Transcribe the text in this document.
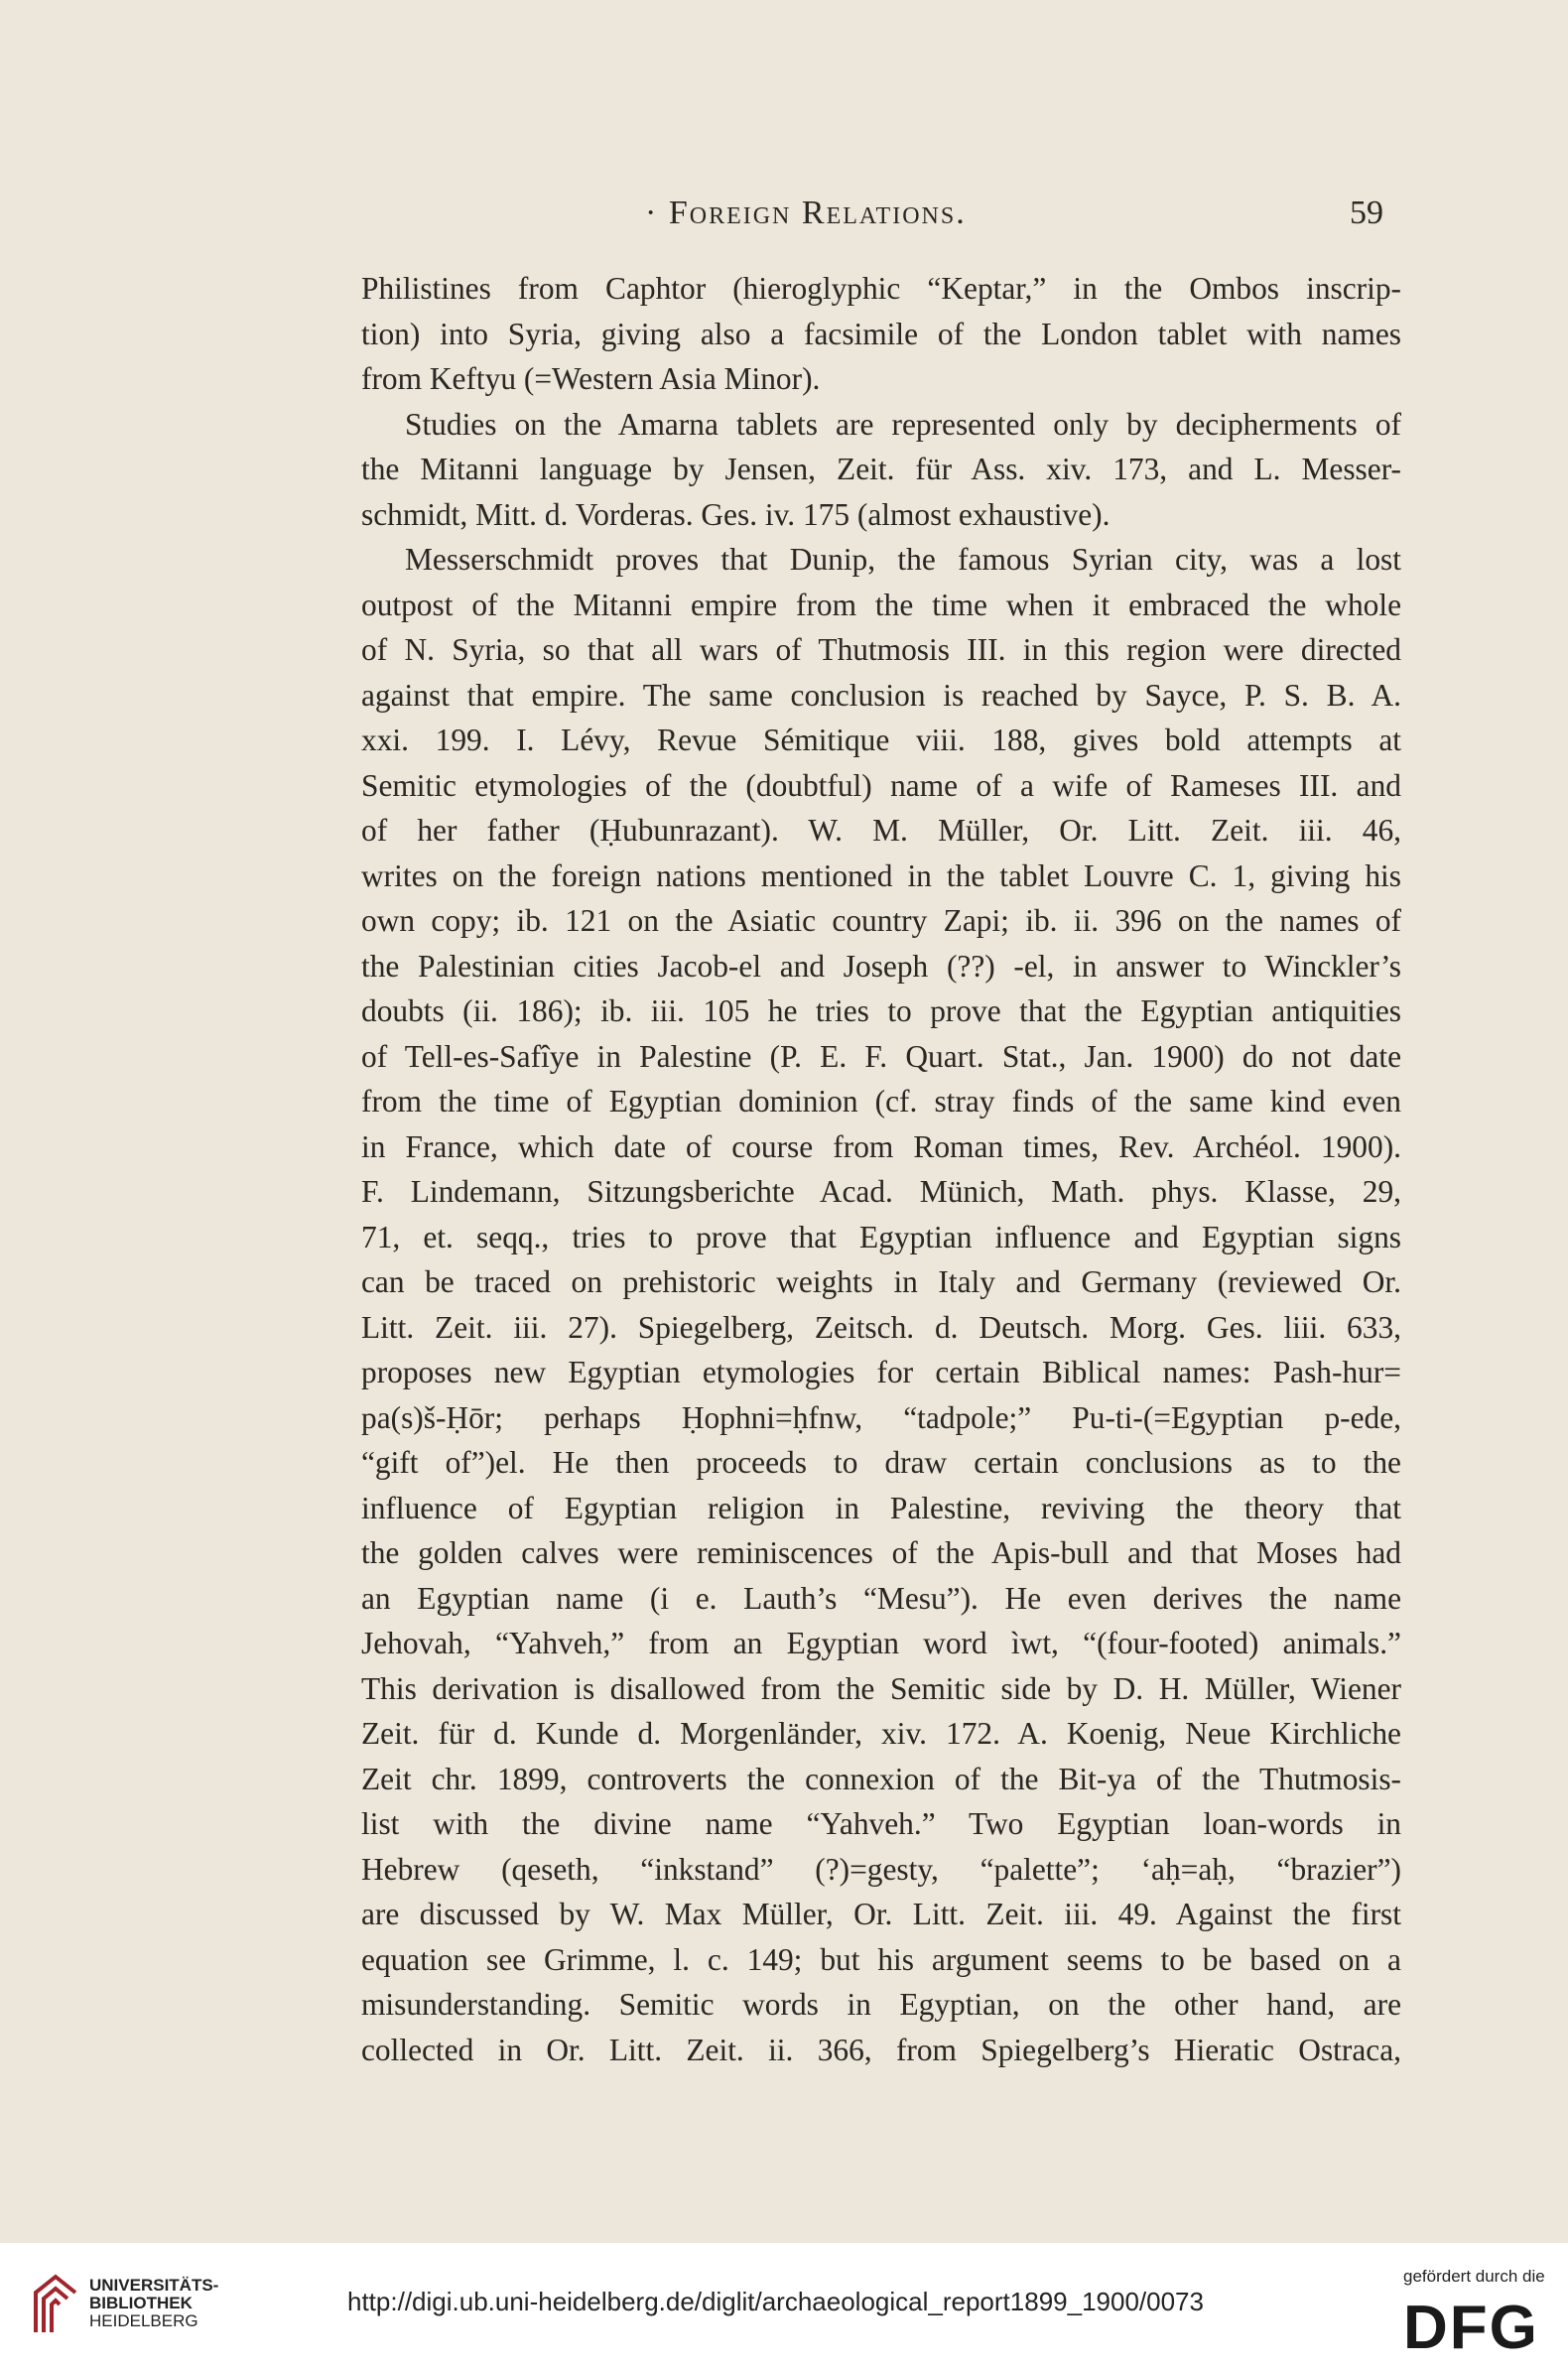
· Foreign Relations.	59

Philistines from Caphtor (hieroglyphic “Keptar,” in the Ombos inscrip-
tion) into Syria, giving also a facsimile of the London tablet with names
from Keftyu (=Western Asia Minor).

Studies on the Amarna tablets are represented only by decipherments of
the Mitanni language by Jensen, Zeit. für Ass. xiv. 173, and L. Messer-
schmidt, Mitt. d. Vorderas. Ges. iv. 175 (almost exhaustive).

Messerschmidt proves that Dunip, the famous Syrian city, was a lost
outpost of the Mitanni empire from the time when it embraced the whole
of N. Syria, so that all wars of Thutmosis III. in this region were directed
against that empire. The same conclusion is reached by Sayce, P. S. B. A.
xxi. 199. I. Lévy, Revue Sémitique viii. 188, gives bold attempts at
Semitic etymologies of the (doubtful) name of a wife of Rameses III. and
of her father (Ḥubunrazant). W. M. Müller, Or. Litt. Zeit. iii. 46,
writes on the foreign nations mentioned in the tablet Louvre C. 1, giving his
own copy; ib. 121 on the Asiatic country Zapi; ib. ii. 396 on the names of
the Palestinian cities Jacob-el and Joseph (??) -el, in answer to Winckler’s
doubts (ii. 186); ib. iii. 105 he tries to prove that the Egyptian antiquities
of Tell-es-Safîye in Palestine (P. E. F. Quart. Stat., Jan. 1900) do not date
from the time of Egyptian dominion (cf. stray finds of the same kind even
in France, which date of course from Roman times, Rev. Archéol. 1900).
F. Lindemann, Sitzungsberichte Acad. Münich, Math. phys. Klasse, 29,
71, et. seqq., tries to prove that Egyptian influence and Egyptian signs
can be traced on prehistoric weights in Italy and Germany (reviewed Or.
Litt. Zeit. iii. 27). Spiegelberg, Zeitsch. d. Deutsch. Morg. Ges. liii. 633,
proposes new Egyptian etymologies for certain Biblical names: Pash-hur=
pa(s)š-Ḥōr; perhaps Ḥophni=ḥfnw, “tadpole;” Pu-ti-(=Egyptian p-ede,
“gift of”)el. He then proceeds to draw certain conclusions as to the
influence of Egyptian religion in Palestine, reviving the theory that
the golden calves were reminiscences of the Apis-bull and that Moses had
an Egyptian name (i e. Lauth’s “Mesu”). He even derives the name
Jehovah, “Yahveh,” from an Egyptian word ìwt, “(four-footed) animals.”
This derivation is disallowed from the Semitic side by D. H. Müller, Wiener
Zeit. für d. Kunde d. Morgenländer, xiv. 172. A. Koenig, Neue Kirchliche
Zeit chr. 1899, controverts the connexion of the Bit-ya of the Thutmosis-
list with the divine name “Yahveh.” Two Egyptian loan-words in
Hebrew (qeseth, “inkstand” (?)=gesty, “palette”; ‘aḥ=aḥ, “brazier”)
are discussed by W. Max Müller, Or. Litt. Zeit. iii. 49. Against the first
equation see Grimme, l. c. 149; but his argument seems to be based on a
misunderstanding. Semitic words in Egyptian, on the other hand, are
collected in Or. Litt. Zeit. ii. 366, from Spiegelberg’s Hieratic Ostraca,

UNIVERSITÄTS-
BIBLIOTHEK
HEIDELBERG
http://digi.ub.uni-heidelberg.de/diglit/archaeological_report1899_1900/0073
gefördert durch die
DFG
